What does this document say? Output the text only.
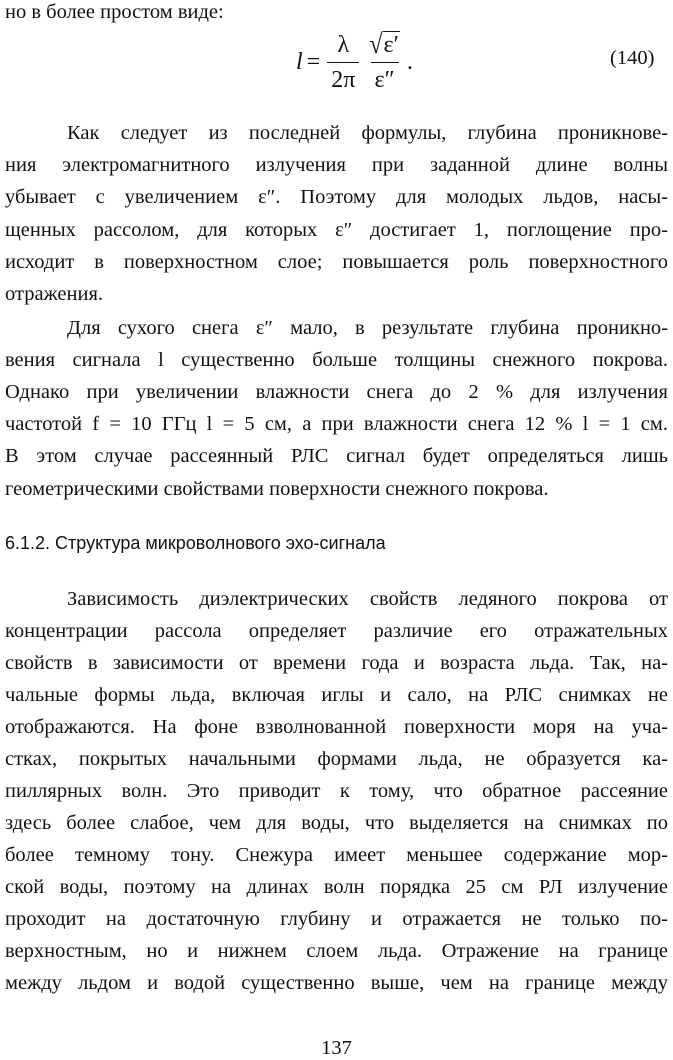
но в более простом виде:
$l = \frac{\lambda}{2\pi} \frac{√\varepsilon'}{\varepsilon''}$ .	(140)
Как следует из последней формулы, глубина проникнове-
ния электромагнитного излучения при заданной длине волны
убывает с увеличением ε″. Поэтому для молодых льдов, насы-
щенных рассолом, для которых ε″ достигает 1, поглощение про-
исходит в поверхностном слое; повышается роль поверхностного
отражения.
Для сухого снега ε″ мало, в результате глубина проникно-
вения сигнала l существенно больше толщины снежного покрова.
Однако при увеличении влажности снега до 2 % для излучения
частотой f = 10 ГГц l = 5 см, а при влажности снега 12 % l = 1 см.
В этом случае рассеянный РЛС сигнал будет определяться лишь
геометрическими свойствами поверхности снежного покрова.
6.1.2. Структура микроволнового эхо-сигнала
Зависимость диэлектрических свойств ледяного покрова от
концентрации рассола определяет различие его отражательных
свойств в зависимости от времени года и возраста льда. Так, на-
чальные формы льда, включая иглы и сало, на РЛС снимках не
отображаются. На фоне взволнованной поверхности моря на уча-
стках, покрытых начальными формами льда, не образуется ка-
пиллярных волн. Это приводит к тому, что обратное рассеяние
здесь более слабое, чем для воды, что выделяется на снимках по
более темному тону. Снежура имеет меньшее содержание мор-
ской воды, поэтому на длинах волн порядка 25 см РЛ излучение
проходит на достаточную глубину и отражается не только по-
верхностным, но и нижнем слоем льда. Отражение на границе
между льдом и водой существенно выше, чем на границе между
137
